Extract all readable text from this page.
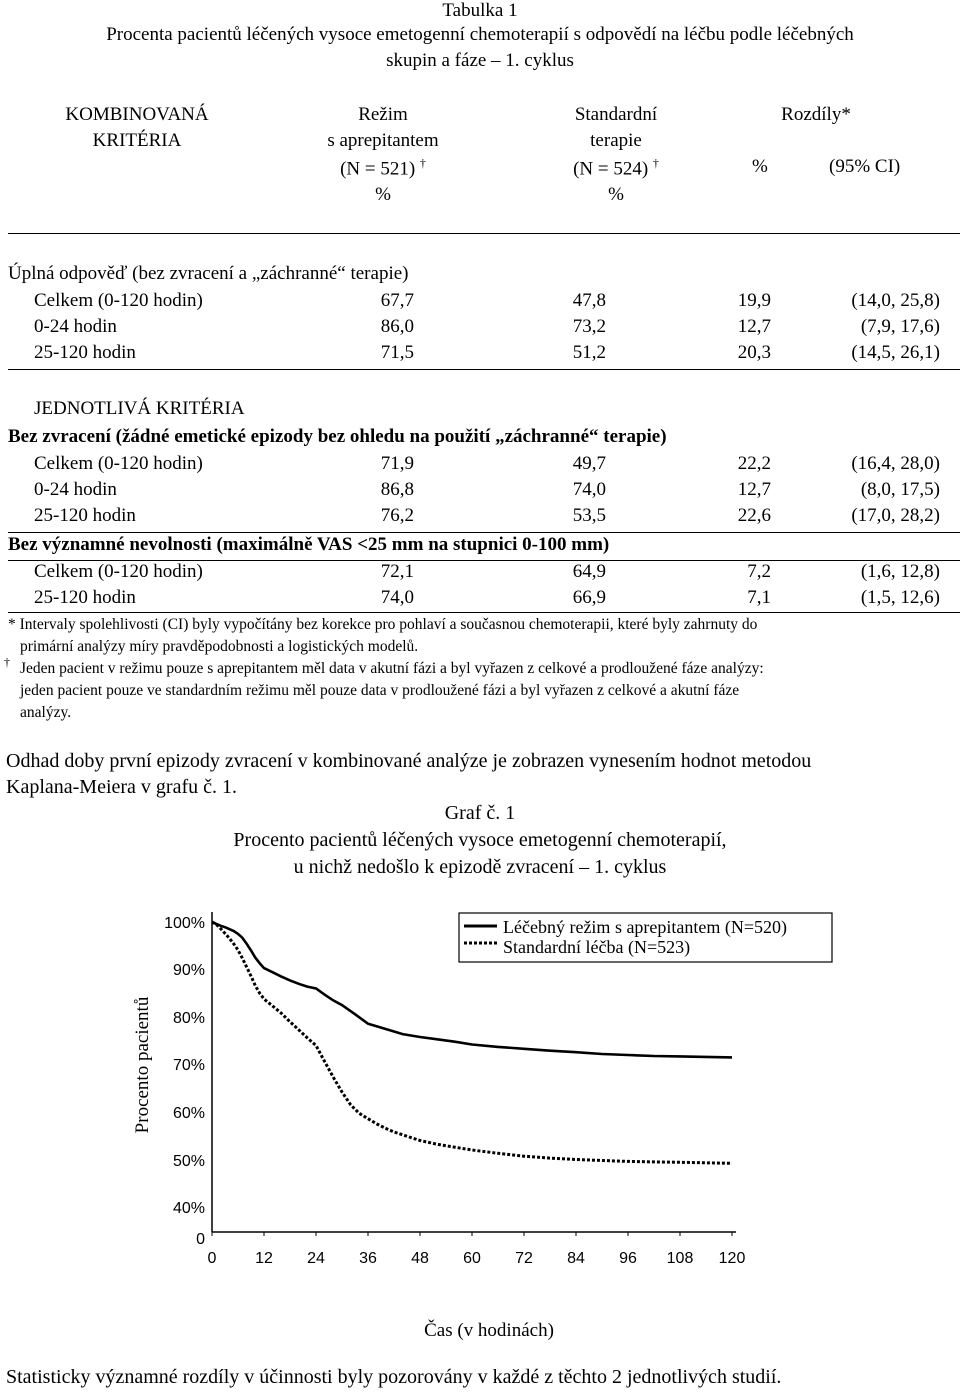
Tabulka 1
Procenta pacientů léčených vysoce emetogenní chemoterapií s odpovědí na léčbu podle léčebných
skupin a fáze – 1. cyklus
KOMBINOVANÁ
KRITÉRIA
Režim
s aprepitantem
(N = 521) †
%
Standardní
terapie
(N = 524) †
%
Rozdíly*
%	(95% CI)
Úplná odpověď (bez zvracení a „záchranné“ terapie)
Celkem (0-120 hodin)	67,7	47,8	19,9	(14,0, 25,8)
0-24 hodin	86,0	73,2	12,7	(7,9, 17,6)
25-120 hodin	71,5	51,2	20,3	(14,5, 26,1)
JEDNOTLIVÁ KRITÉRIA
Bez zvracení (žádné emetické epizody bez ohledu na použití „záchranné“ terapie)
Celkem (0-120 hodin)	71,9	49,7	22,2	(16,4, 28,0)
0-24 hodin	86,8	74,0	12,7	(8,0, 17,5)
25-120 hodin	76,2	53,5	22,6	(17,0, 28,2)
Bez významné nevolnosti (maximálně VAS <25 mm na stupnici 0-100 mm)
Celkem (0-120 hodin)	72,1	64,9	7,2	(1,6, 12,8)
25-120 hodin	74,0	66,9	7,1	(1,5, 12,6)
* Intervaly spolehlivosti (CI) byly vypočítány bez korekce pro pohlaví a současnou chemoterapii, které byly zahrnuty do
primární analýzy míry pravděpodobnosti a logistických modelů.
† Jeden pacient v režimu pouze s aprepitantem měl data v akutní fázi a byl vyřazen z celkové a prodloužené fáze analýzy:
jeden pacient pouze ve standardním režimu měl pouze data v prodloužené fázi a byl vyřazen z celkové a akutní fáze
analýzy.
Odhad doby první epizody zvracení v kombinované analýze je zobrazen vynesením hodnot metodou
Kaplana-Meiera v grafu č. 1.
Graf č. 1
Procento pacientů léčených vysoce emetogenní chemoterapií,
u nichž nedošlo k epizodě zvracení – 1. cyklus
100%
90%
80%
70%
60%
50%
40%
0
0 12 24 36 48 60 72 84 96 108 120
Procento pacientů
Čas (v hodinách)
Léčebný režim s aprepitantem (N=520)
Standardní léčba (N=523)
Statisticky významné rozdíly v účinnosti byly pozorovány v každé z těchto 2 jednotlivých studií.
